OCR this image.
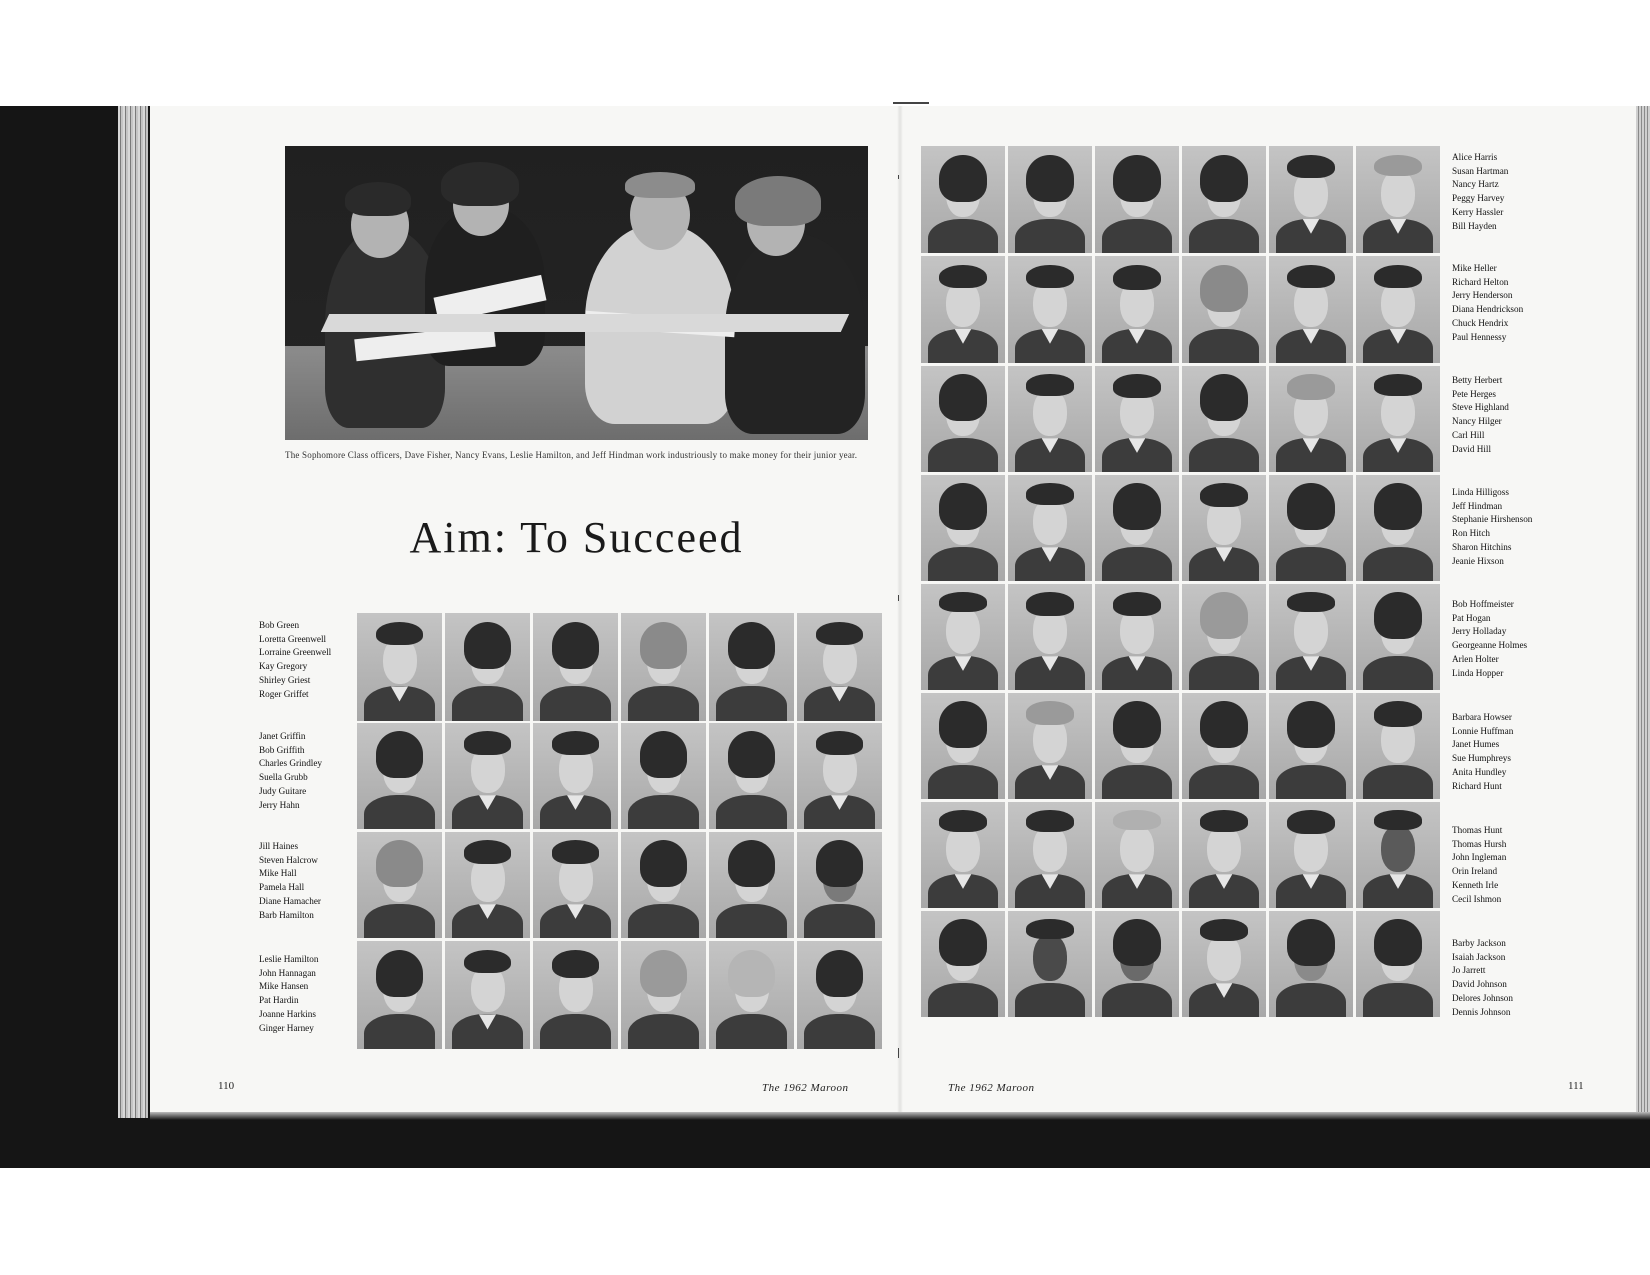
The Sophomore Class officers, Dave Fisher, Nancy Evans, Leslie Hamilton, and Jeff Hindman work industriously to make money for their junior year.
Aim: To Succeed
Bob Green
Loretta Greenwell
Lorraine Greenwell
Kay Gregory
Shirley Griest
Roger Griffet
Janet Griffin
Bob Griffith
Charles Grindley
Suella Grubb
Judy Guitare
Jerry Hahn
Jill Haines
Steven Halcrow
Mike Hall
Pamela Hall
Diane Hamacher
Barb Hamilton
Leslie Hamilton
John Hannagan
Mike Hansen
Pat Hardin
Joanne Harkins
Ginger Harney
110	The 1962 Maroon
Alice Harris
Susan Hartman
Nancy Hartz
Peggy Harvey
Kerry Hassler
Bill Hayden
Mike Heller
Richard Helton
Jerry Henderson
Diana Hendrickson
Chuck Hendrix
Paul Hennessy
Betty Herbert
Pete Herges
Steve Highland
Nancy Hilger
Carl Hill
David Hill
Linda Hilligoss
Jeff Hindman
Stephanie Hirshenson
Ron Hitch
Sharon Hitchins
Jeanie Hixson
Bob Hoffmeister
Pat Hogan
Jerry Holladay
Georgeanne Holmes
Arlen Holter
Linda Hopper
Barbara Howser
Lonnie Huffman
Janet Humes
Sue Humphreys
Anita Hundley
Richard Hunt
Thomas Hunt
Thomas Hursh
John Ingleman
Orin Ireland
Kenneth Irle
Cecil Ishmon
Barby Jackson
Isaiah Jackson
Jo Jarrett
David Johnson
Delores Johnson
Dennis Johnson
The 1962 Maroon	111
